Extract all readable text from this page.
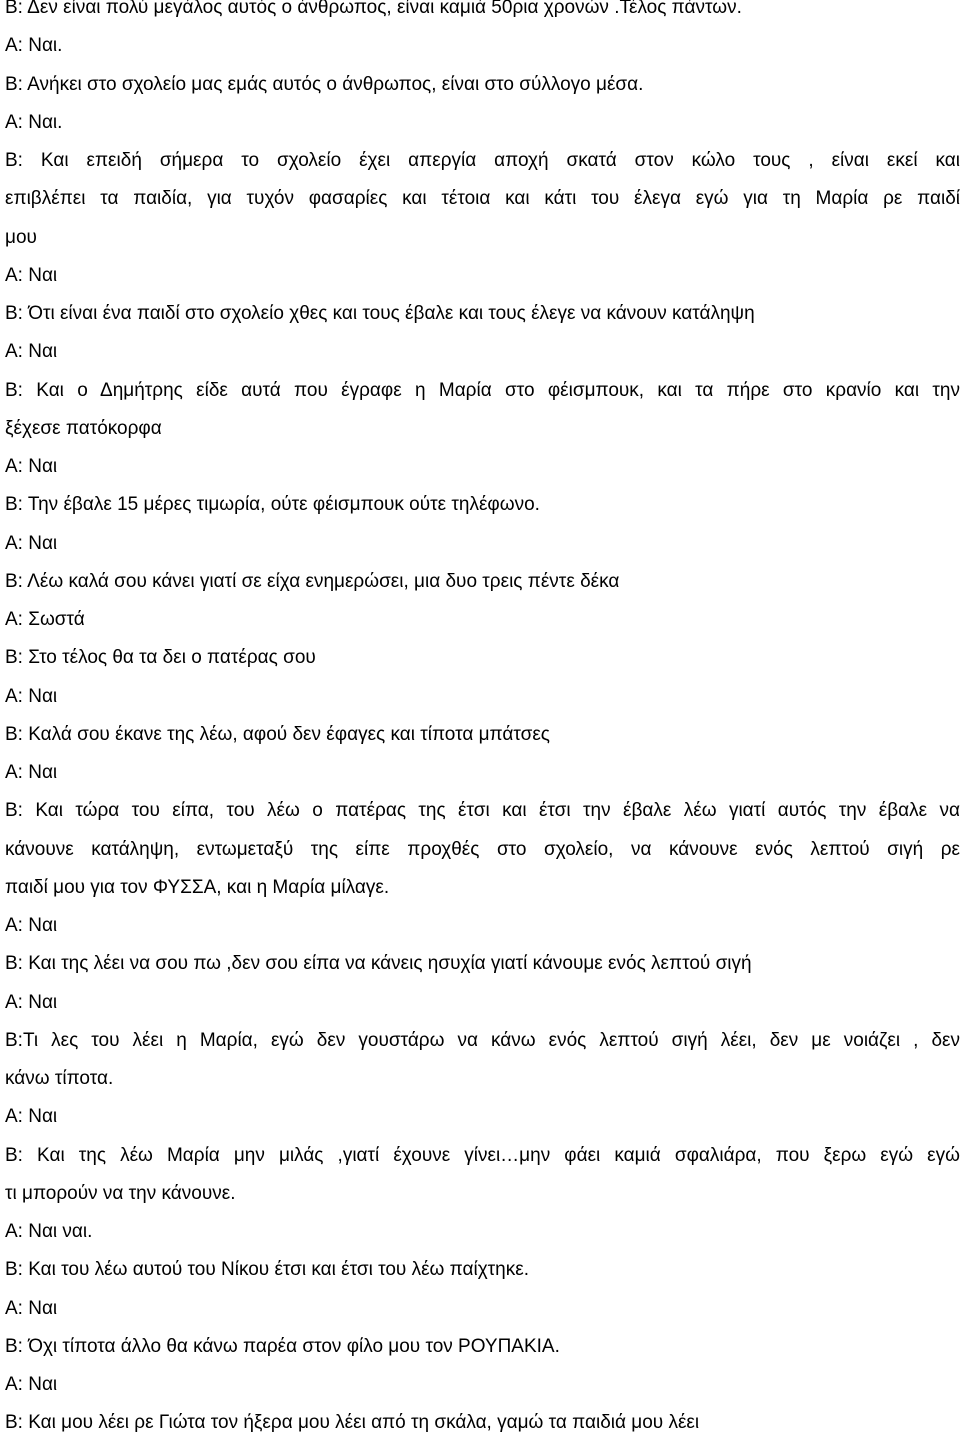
Β: Δεν είναι πολύ μεγάλος αυτός ο άνθρωπος, είναι καμιά 50ρια χρονών .Τέλος πάντων.

Α: Ναι.

Β: Ανήκει στο σχολείο μας εμάς αυτός ο άνθρωπος, είναι στο σύλλογο μέσα.

Α: Ναι.

Β: Και επειδή σήμερα το σχολείο έχει απεργία αποχή σκατά στον κώλο τους , είναι εκεί και

επιβλέπει τα παιδία, για τυχόν φασαρίες και τέτοια και κάτι του έλεγα εγώ για τη Μαρία ρε παιδί

μου

Α: Ναι

Β: Ότι είναι ένα παιδί στο σχολείο χθες και τους έβαλε και τους έλεγε να κάνουν κατάληψη

Α: Ναι

Β: Και ο Δημήτρης είδε αυτά που έγραφε η Μαρία στο φέισμπουκ, και τα πήρε στο κρανίο και την

ξέχεσε πατόκορφα

Α: Ναι

Β: Την έβαλε 15 μέρες τιμωρία, ούτε φέισμπουκ ούτε τηλέφωνο.

Α: Ναι

Β: Λέω καλά σου κάνει γιατί σε είχα ενημερώσει, μια δυο τρεις πέντε δέκα

Α: Σωστά

Β: Στο τέλος θα τα δει ο πατέρας σου

Α: Ναι

Β: Καλά σου έκανε της λέω, αφού δεν έφαγες και τίποτα μπάτσες

Α: Ναι

Β: Και τώρα του είπα, του λέω ο πατέρας της έτσι και έτσι την έβαλε λέω γιατί αυτός την έβαλε να

κάνουνε κατάληψη, εντωμεταξύ της είπε προχθές στο σχολείο, να κάνουνε ενός λεπτού σιγή ρε

παιδί μου για τον ΦΥΣΣΑ, και η Μαρία μίλαγε.

Α: Ναι

Β: Και της λέει να σου πω ,δεν σου είπα να κάνεις ησυχία γιατί κάνουμε ενός λεπτού σιγή

Α: Ναι

Β:Τι λες του λέει η Μαρία, εγώ δεν γουστάρω να κάνω ενός λεπτού σιγή λέει, δεν με νοιάζει , δεν

κάνω τίποτα.

Α: Ναι

Β: Και της λέω Μαρία μην μιλάς ,γιατί έχουνε γίνει…μην φάει καμιά σφαλιάρα, που ξερω εγώ εγώ

τι μπορούν να την κάνουνε.

Α: Ναι ναι.

Β: Και του λέω αυτού του Νίκου έτσι και έτσι του λέω παίχτηκε.

Α: Ναι

Β: Όχι τίποτα άλλο θα κάνω παρέα στον φίλο μου τον ΡΟΥΠΑΚΙΑ.

Α: Ναι

Β: Και μου λέει ρε Γιώτα τον ήξερα μου λέει από τη σκάλα, γαμώ τα παιδιά μου λέει
